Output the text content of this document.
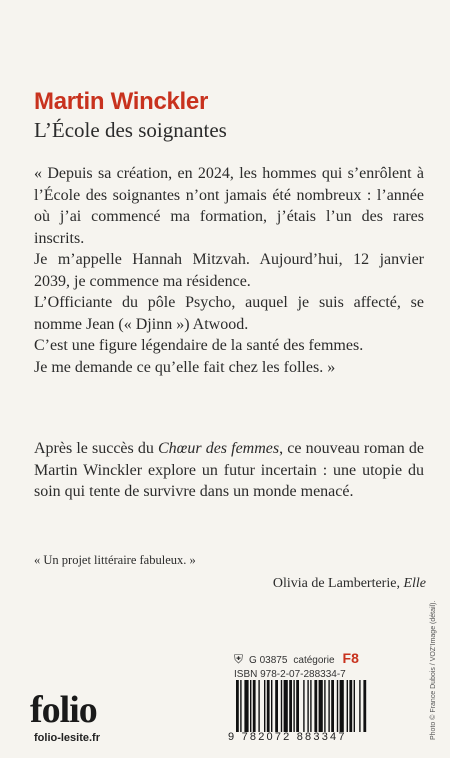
Martin Winckler
L’École des soignantes

« Depuis sa création, en 2024, les hommes qui s’enrôlent à l’École des soignantes n’ont jamais été nombreux : l’année où j’ai commencé ma formation, j’étais l’un des rares inscrits.

Je m’appelle Hannah Mitzvah. Aujourd’hui, 12 janvier 2039, je commence ma résidence.

L’Officiante du pôle Psycho, auquel je suis affecté, se nomme Jean (« Djinn ») Atwood.

C’est une figure légendaire de la santé des femmes.

Je me demande ce qu’elle fait chez les folles. »

Après le succès du Chœur des femmes, ce nouveau roman de Martin Winckler explore un futur incertain : une utopie du soin qui tente de survivre dans un monde menacé.

« Un projet littéraire fabuleux. »
Olivia de Lamberterie, Elle
⛨ G 03875 catégorie F8
ISBN 978-2-07-288334-7
9 782072 883347
folio
folio-lesite.fr	Photo © France Dubois / VOZ’Image (détail).
